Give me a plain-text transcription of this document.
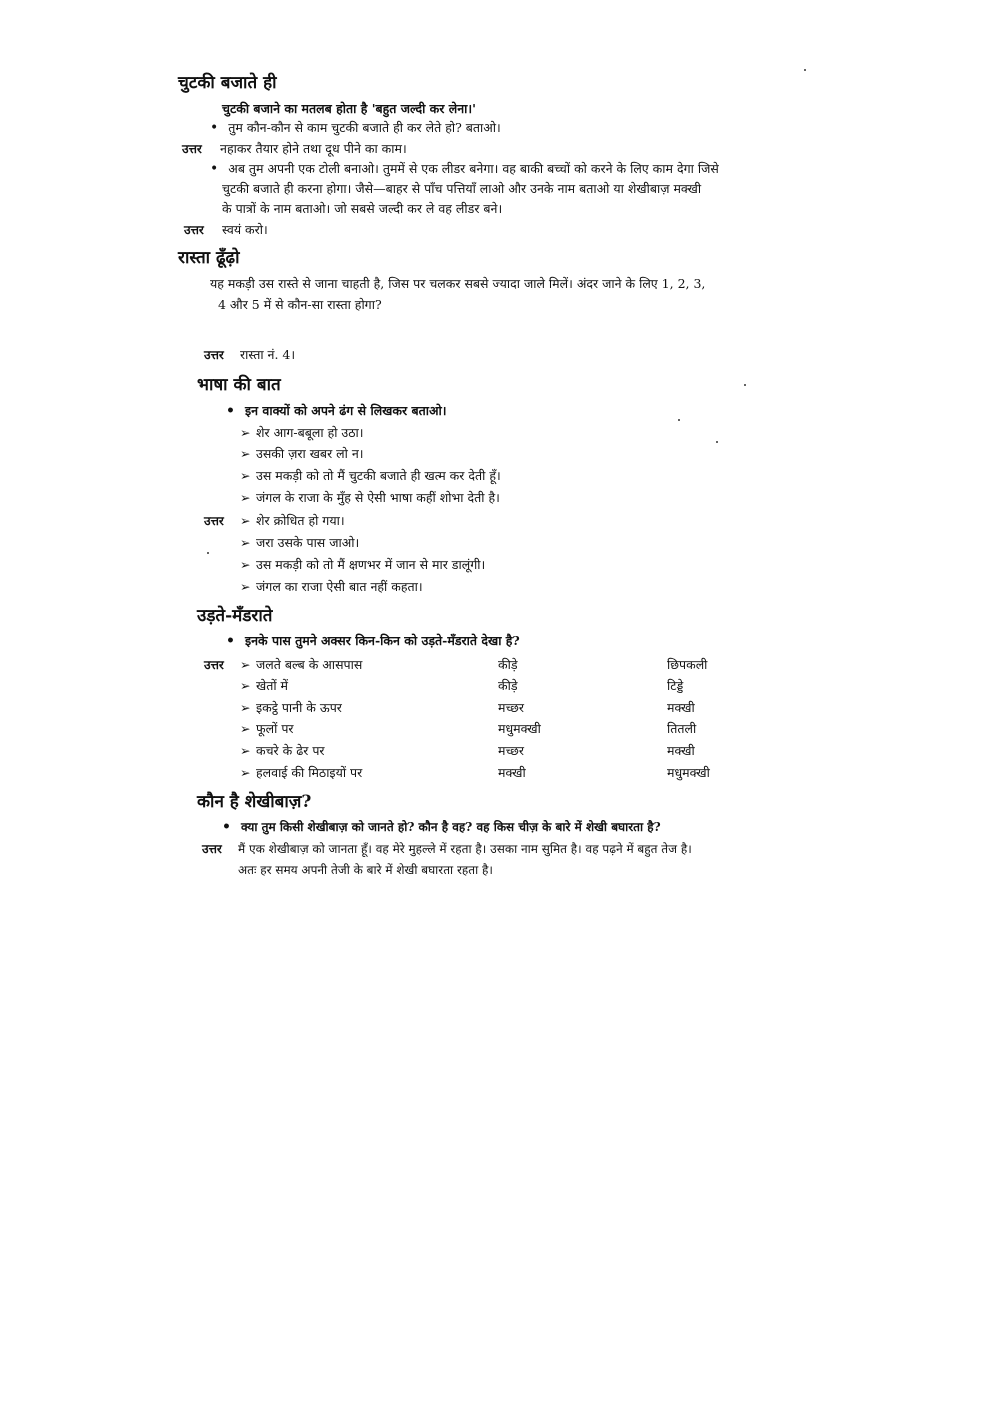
चुटकी बजाते ही
चुटकी बजाने का मतलब होता है 'बहुत जल्दी कर लेना।'
• तुम कौन-कौन से काम चुटकी बजाते ही कर लेते हो? बताओ।
उत्तर नहाकर तैयार होने तथा दूध पीने का काम।
• अब तुम अपनी एक टोली बनाओ। तुममें से एक लीडर बनेगा। वह बाकी बच्चों को करने के लिए काम देगा जिसे
चुटकी बजाते ही करना होगा। जैसे—बाहर से पाँच पत्तियाँ लाओ और उनके नाम बताओ या शेखीबाज़ मक्खी
के पात्रों के नाम बताओ। जो सबसे जल्दी कर ले वह लीडर बने।
उत्तर स्वयं करो।
रास्ता ढूँढ़ो
यह मकड़ी उस रास्ते से जाना चाहती है, जिस पर चलकर सबसे ज्यादा जाले मिलें। अंदर जाने के लिए 1, 2, 3,
4 और 5 में से कौन-सा रास्ता होगा?
उत्तर रास्ता नं. 4।
भाषा की बात
• इन वाक्यों को अपने ढंग से लिखकर बताओ।
➢ शेर आग-बबूला हो उठा।
➢ उसकी ज़रा खबर लो न।
➢ उस मकड़ी को तो मैं चुटकी बजाते ही खत्म कर देती हूँ।
➢ जंगल के राजा के मुँह से ऐसी भाषा कहीं शोभा देती है।
उत्तर ➢ शेर क्रोधित हो गया।
➢ जरा उसके पास जाओ।
➢ उस मकड़ी को तो मैं क्षणभर में जान से मार डालूंगी।
➢ जंगल का राजा ऐसी बात नहीं कहता।
उड़ते-मँडराते
• इनके पास तुमने अक्सर किन-किन को उड़ते-मँडराते देखा है?
उत्तर ➢ जलते बल्ब के आसपास	कीड़े	छिपकली
➢ खेतों में	कीड़े	टिड्डे
➢ इकट्ठे पानी के ऊपर	मच्छर	मक्खी
➢ फूलों पर	मधुमक्खी	तितली
➢ कचरे के ढेर पर	मच्छर	मक्खी
➢ हलवाई की मिठाइयों पर	मक्खी	मधुमक्खी
कौन है शेखीबाज़?
• क्या तुम किसी शेखीबाज़ को जानते हो? कौन है वह? वह किस चीज़ के बारे में शेखी बघारता है?
उत्तर मैं एक शेखीबाज़ को जानता हूँ। वह मेरे मुहल्ले में रहता है। उसका नाम सुमित है। वह पढ़ने में बहुत तेज है।
अतः हर समय अपनी तेजी के बारे में शेखी बघारता रहता है।
